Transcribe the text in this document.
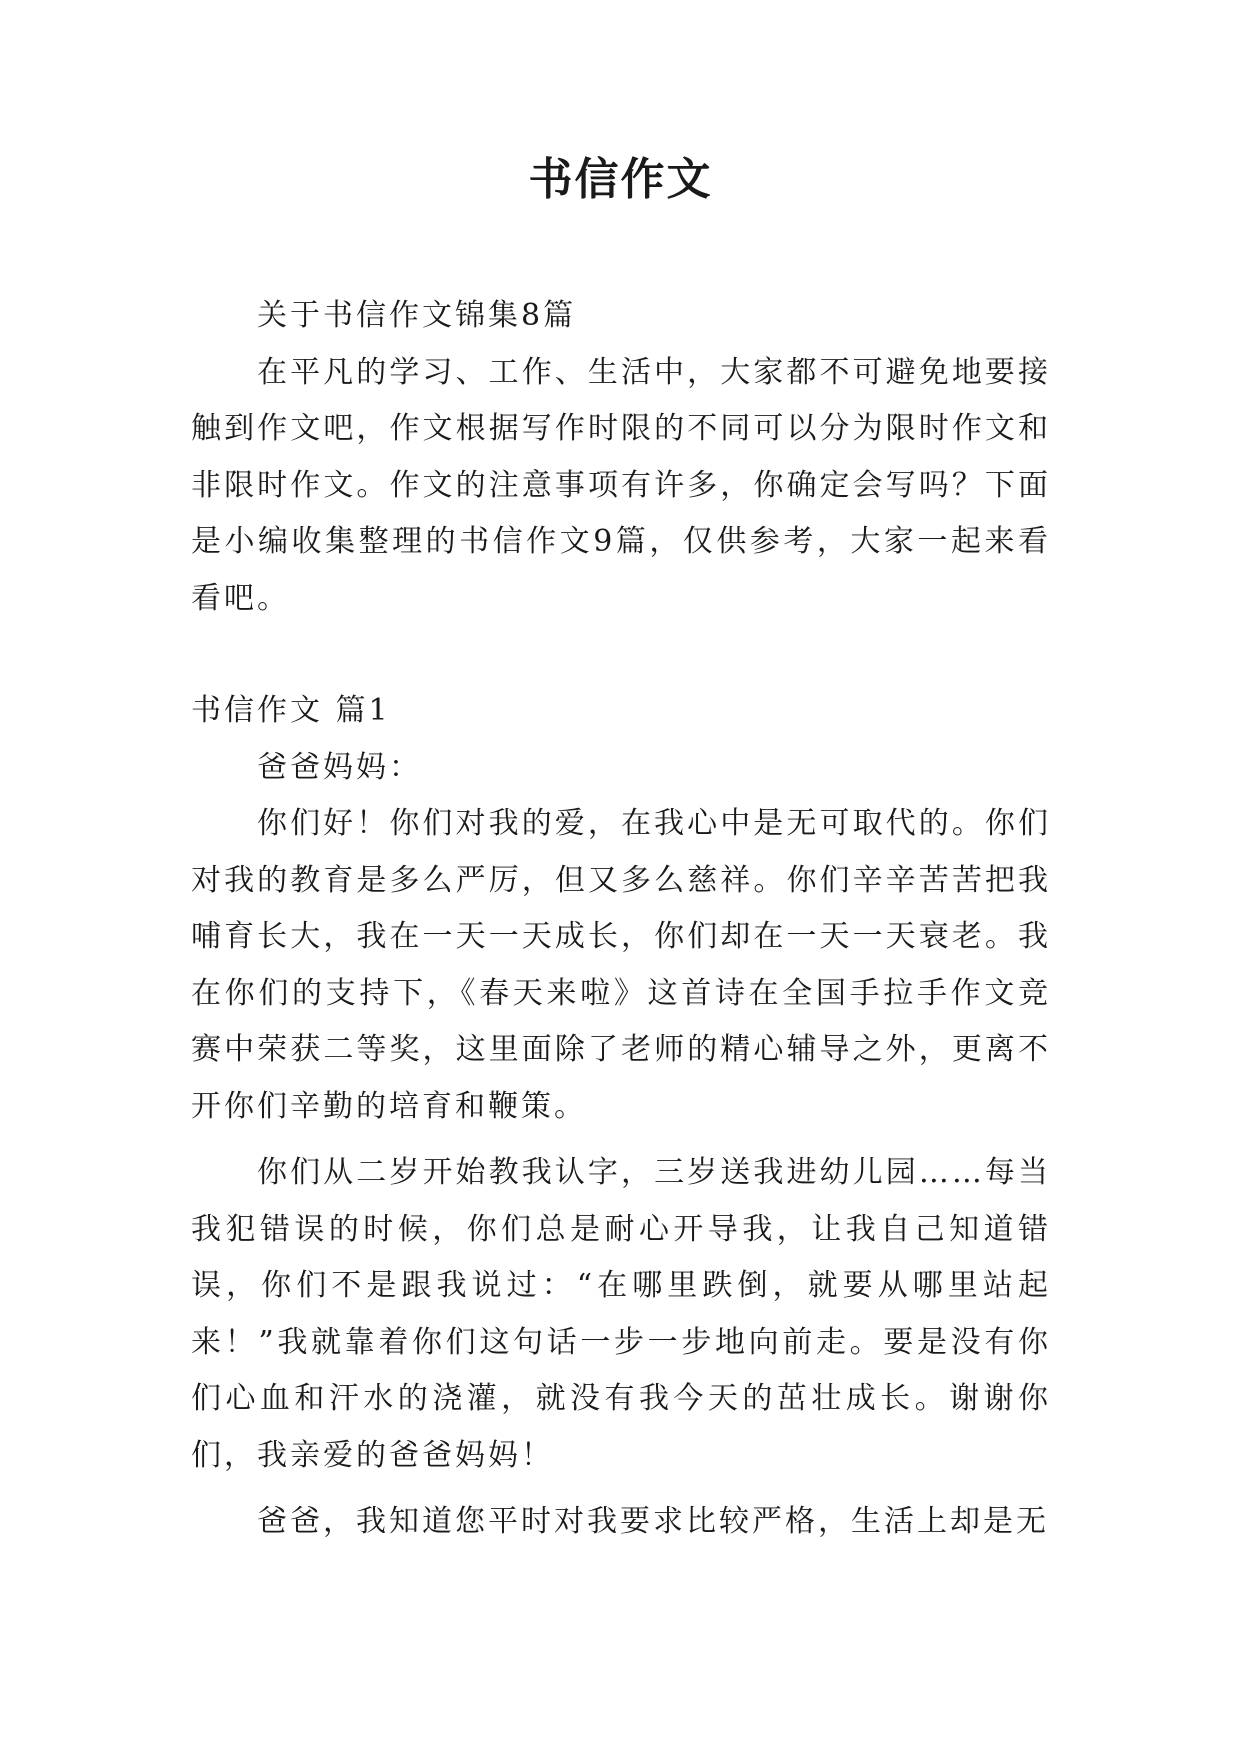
书信作文

关于书信作文锦集8篇

在平凡的学习、工作、生活中，大家都不可避免地要接触到作文吧，作文根据写作时限的不同可以分为限时作文和非限时作文。作文的注意事项有许多，你确定会写吗？下面是小编收集整理的书信作文9篇，仅供参考，大家一起来看看吧。

书信作文 篇1

爸爸妈妈：

你们好！你们对我的爱，在我心中是无可取代的。你们对我的教育是多么严厉，但又多么慈祥。你们辛辛苦苦把我哺育长大，我在一天一天成长，你们却在一天一天衰老。我在你们的支持下，《春天来啦》这首诗在全国手拉手作文竞赛中荣获二等奖，这里面除了老师的精心辅导之外，更离不开你们辛勤的培育和鞭策。

你们从二岁开始教我认字，三岁送我进幼儿园……每当我犯错误的时候，你们总是耐心开导我，让我自己知道错误，你们不是跟我说过：“在哪里跌倒，就要从哪里站起来！”我就靠着你们这句话一步一步地向前走。要是没有你们心血和汗水的浇灌，就没有我今天的茁壮成长。谢谢你们，我亲爱的爸爸妈妈！

爸爸，我知道您平时对我要求比较严格，生活上却是无
